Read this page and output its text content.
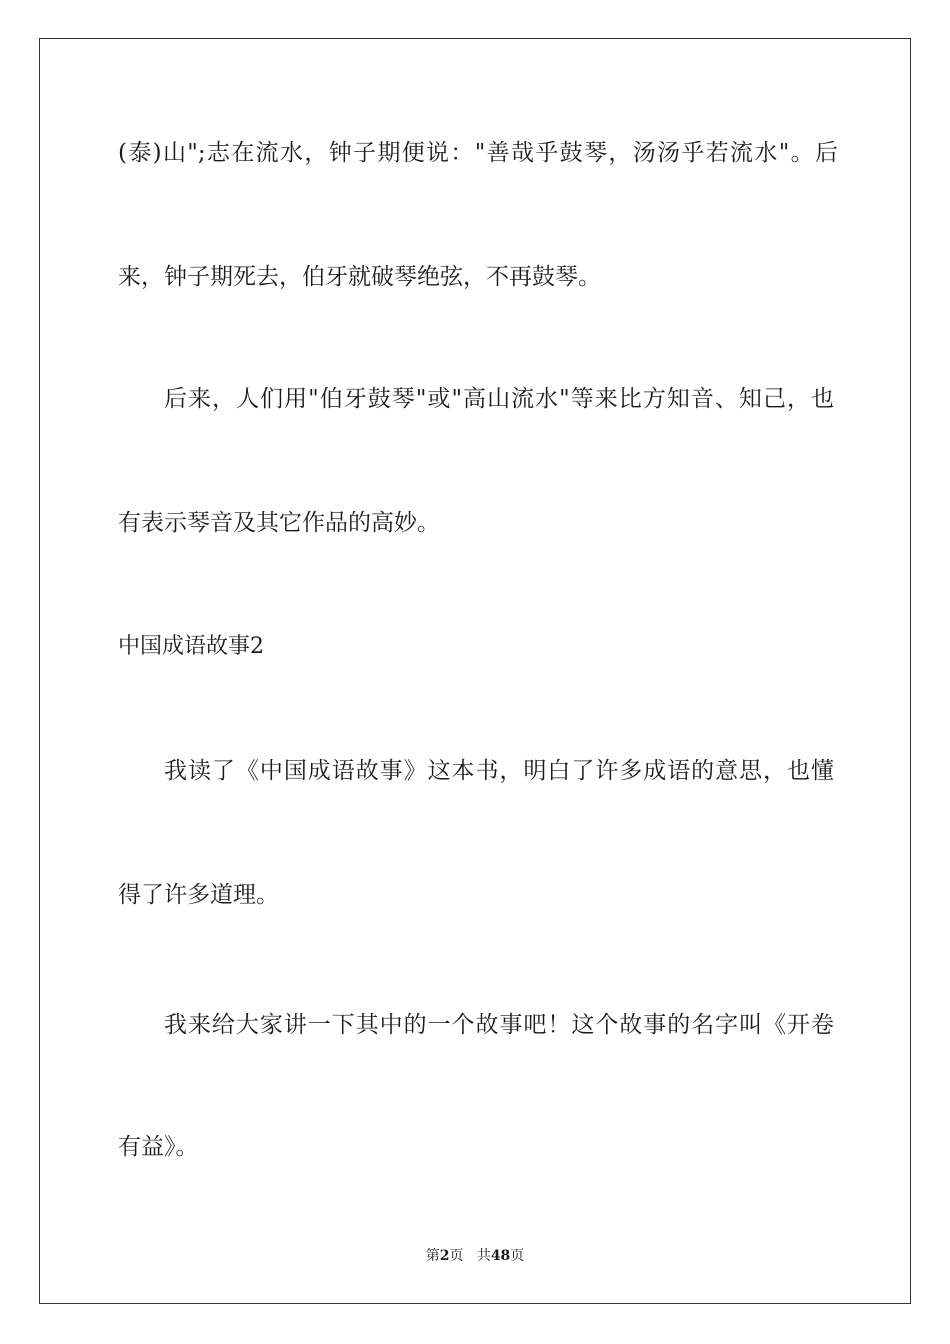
(泰)山";志在流水，钟子期便说："善哉乎鼓琴，汤汤乎若流水"。后

来，钟子期死去，伯牙就破琴绝弦，不再鼓琴。

后来，人们用"伯牙鼓琴"或"高山流水"等来比方知音、知己，也

有表示琴音及其它作品的高妙。

中国成语故事2

我读了《中国成语故事》这本书，明白了许多成语的意思，也懂

得了许多道理。

我来给大家讲一下其中的一个故事吧！这个故事的名字叫《开卷

有益》。

第2页 共48页
